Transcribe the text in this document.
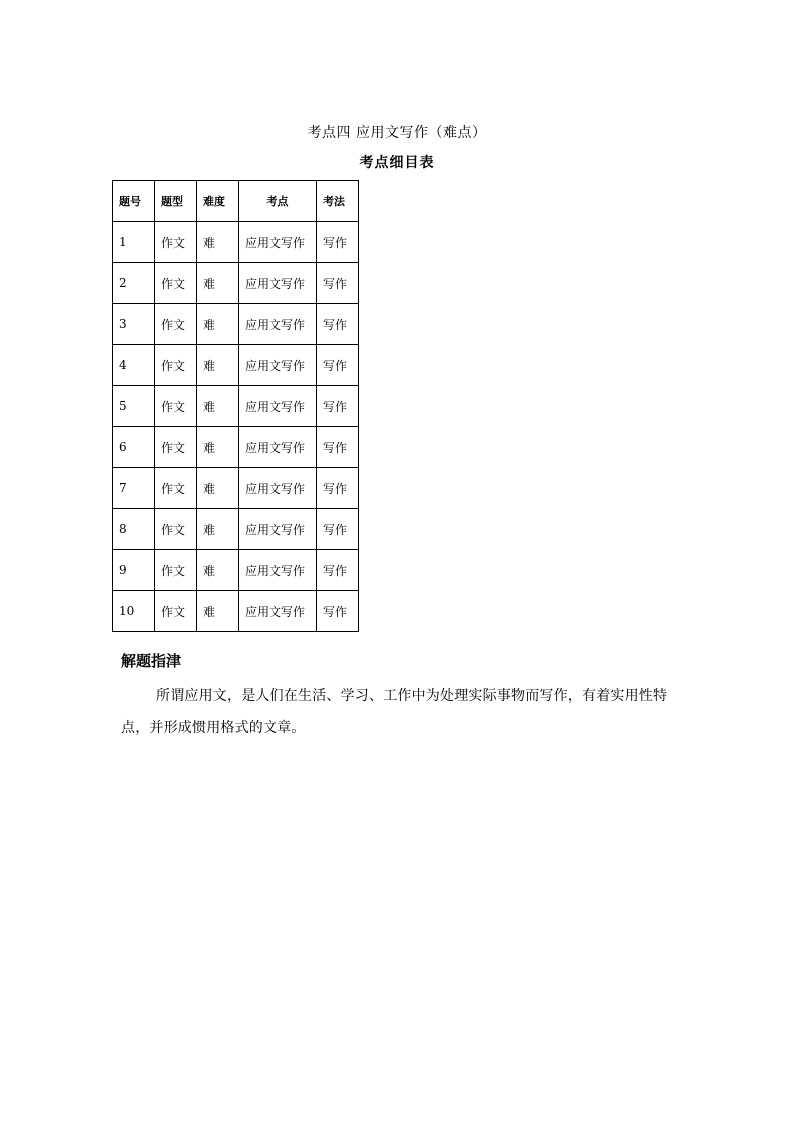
考点四 应用文写作（难点）
考点细目表
题号	题型	难度	考点	考法
1	作文	难	应用文写作	写作
2	作文	难	应用文写作	写作
3	作文	难	应用文写作	写作
4	作文	难	应用文写作	写作
5	作文	难	应用文写作	写作
6	作文	难	应用文写作	写作
7	作文	难	应用文写作	写作
8	作文	难	应用文写作	写作
9	作文	难	应用文写作	写作
10	作文	难	应用文写作	写作
解题指津

所谓应用文，是人们在生活、学习、工作中为处理实际事物而写作，有着实用性特点，并形成惯用格式的文章。
